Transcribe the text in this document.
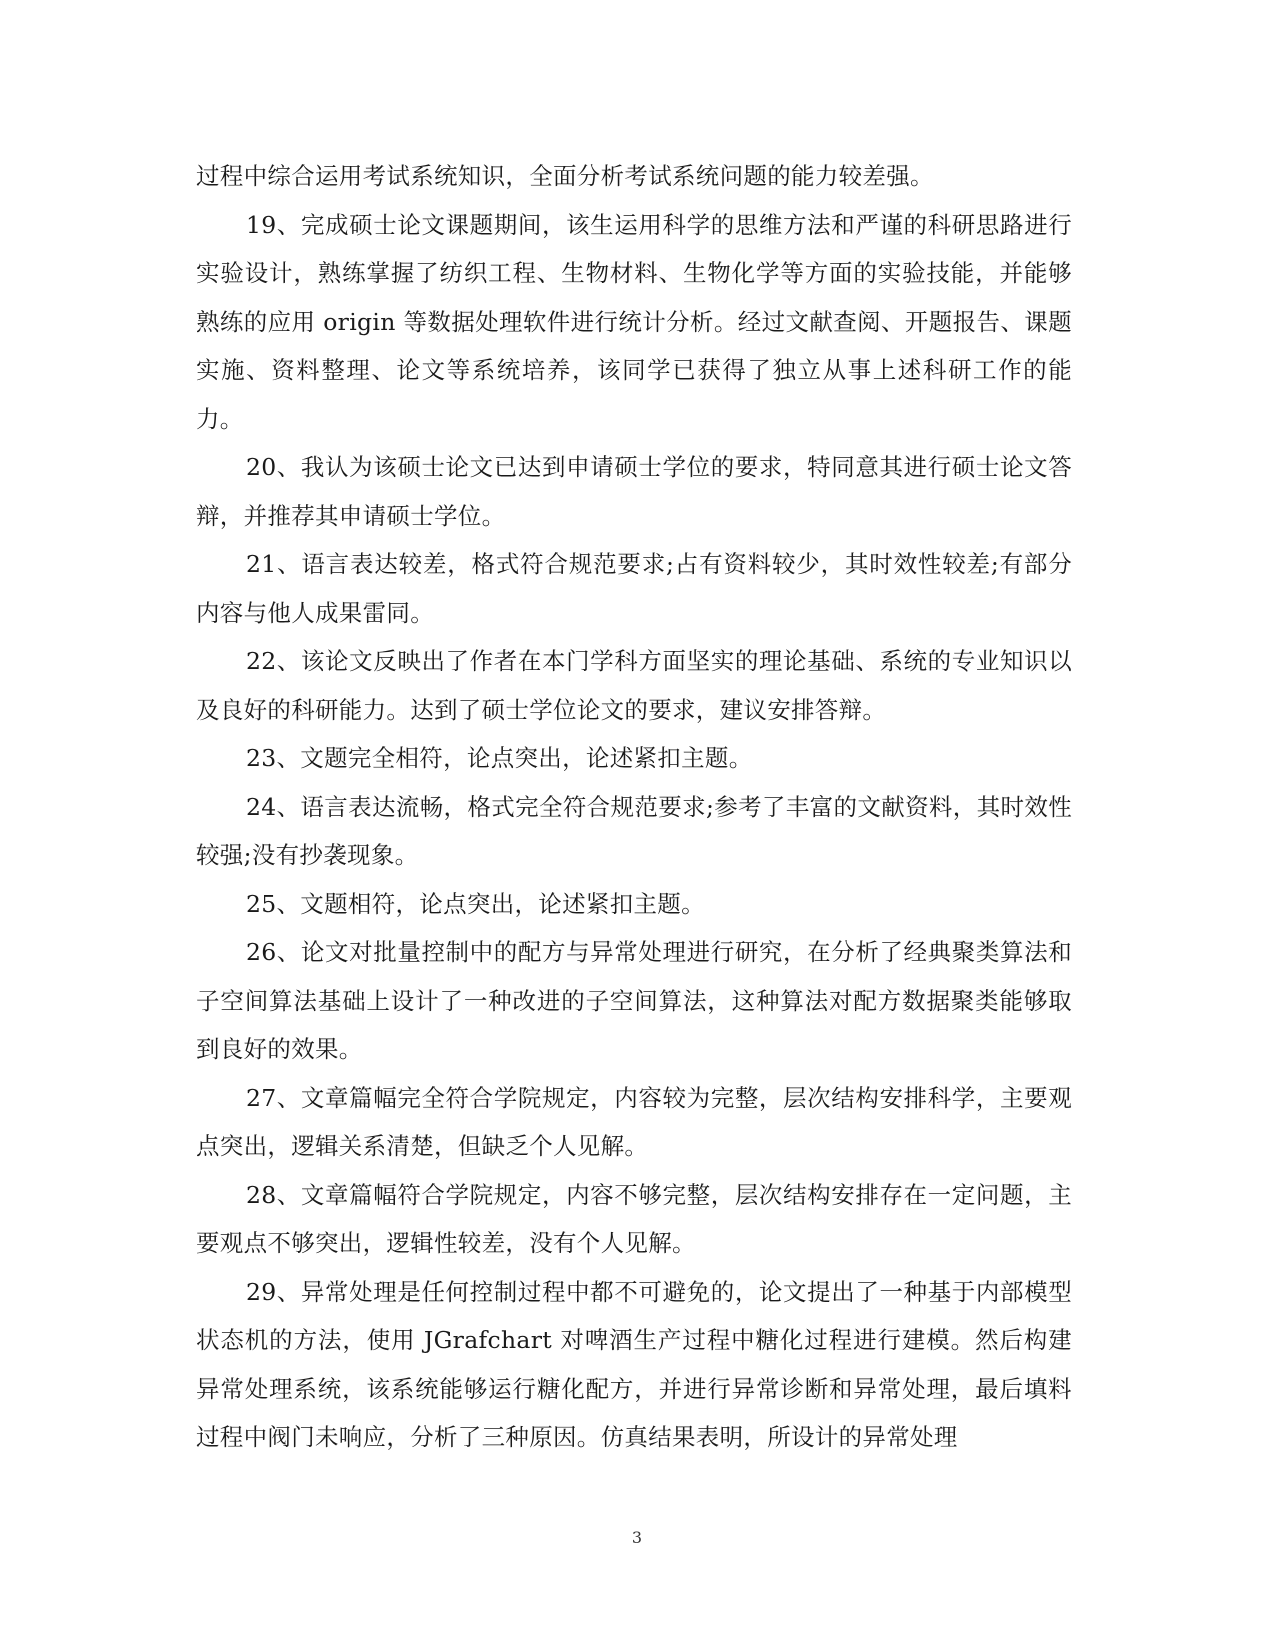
过程中综合运用考试系统知识，全面分析考试系统问题的能力较差强。

19、完成硕士论文课题期间，该生运用科学的思维方法和严谨的科研思路进行实验设计，熟练掌握了纺织工程、生物材料、生物化学等方面的实验技能，并能够熟练的应用 origin 等数据处理软件进行统计分析。经过文献查阅、开题报告、课题实施、资料整理、论文等系统培养，该同学已获得了独立从事上述科研工作的能力。

20、我认为该硕士论文已达到申请硕士学位的要求，特同意其进行硕士论文答辩，并推荐其申请硕士学位。

21、语言表达较差，格式符合规范要求;占有资料较少，其时效性较差;有部分内容与他人成果雷同。

22、该论文反映出了作者在本门学科方面坚实的理论基础、系统的专业知识以及良好的科研能力。达到了硕士学位论文的要求，建议安排答辩。

23、文题完全相符，论点突出，论述紧扣主题。

24、语言表达流畅，格式完全符合规范要求;参考了丰富的文献资料，其时效性较强;没有抄袭现象。

25、文题相符，论点突出，论述紧扣主题。

26、论文对批量控制中的配方与异常处理进行研究，在分析了经典聚类算法和子空间算法基础上设计了一种改进的子空间算法，这种算法对配方数据聚类能够取到良好的效果。

27、文章篇幅完全符合学院规定，内容较为完整，层次结构安排科学，主要观点突出，逻辑关系清楚，但缺乏个人见解。

28、文章篇幅符合学院规定，内容不够完整，层次结构安排存在一定问题，主要观点不够突出，逻辑性较差，没有个人见解。

29、异常处理是任何控制过程中都不可避免的，论文提出了一种基于内部模型状态机的方法，使用 JGrafchart 对啤酒生产过程中糖化过程进行建模。然后构建异常处理系统，该系统能够运行糖化配方，并进行异常诊断和异常处理，最后填料过程中阀门未响应，分析了三种原因。仿真结果表明，所设计的异常处理

3
